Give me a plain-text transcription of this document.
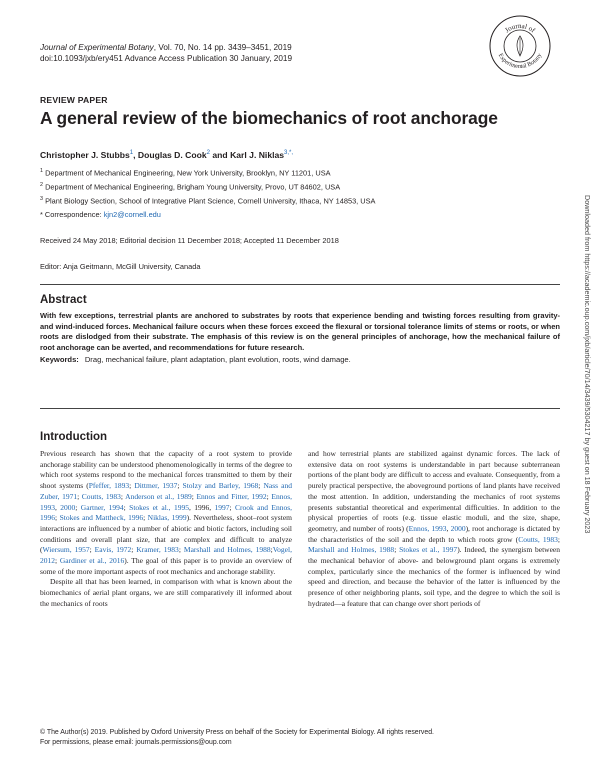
Journal of Experimental Botany, Vol. 70, No. 14 pp. 3439–3451, 2019
doi:10.1093/jxb/ery451 Advance Access Publication 30 January, 2019
Journal of
Experimental Botany
REVIEW PAPER
A general review of the biomechanics of root anchorage
Christopher J. Stubbs$^1$, Douglas D. Cook$^2$ and Karl J. Niklas$^{3,*,}$
$^1$ Department of Mechanical Engineering, New York University, Brooklyn, NY 11201, USA
$^2$ Department of Mechanical Engineering, Brigham Young University, Provo, UT 84602, USA
$^3$ Plant Biology Section, School of Integrative Plant Science, Cornell University, Ithaca, NY 14853, USA
* Correspondence: kjn2@cornell.edu
Received 24 May 2018; Editorial decision 11 December 2018; Accepted 11 December 2018
Editor: Anja Geitmann, McGill University, Canada	Downloaded from https://academic.oup.com/jxb/article/70/14/3439/5304217 by guest on 18 February 2023
Abstract
With few exceptions, terrestrial plants are anchored to substrates by roots that experience bending and twisting forces resulting from gravity- and wind-induced forces. Mechanical failure occurs when these forces exceed the flexural or torsional tolerance limits of stems or roots, or when roots are dislodged from their substrate. The emphasis of this review is on the general principles of anchorage, how the mechanical failure of root anchorage can be averted, and recommendations for future research.
Keywords: Drag, mechanical failure, plant adaptation, plant evolution, roots, wind damage.
Introduction

Previous research has shown that the capacity of a root system to provide anchorage stability can be understood phenomenologically in terms of the degree to which root systems respond to the mechanical forces transmitted to them by their shoot systems (Pfeffer, 1893; Dittmer, 1937; Stolzy and Barley, 1968; Nass and Zuber, 1971; Coutts, 1983; Anderson et al., 1989; Ennos and Fitter, 1992; Ennos, 1993, 2000; Gartner, 1994; Stokes et al., 1995, 1996, 1997; Crook and Ennos, 1996; Stokes and Mattheck, 1996; Niklas, 1999). Nevertheless, shoot–root system interactions are influenced by a number of abiotic and biotic factors, including soil conditions and overall plant size, that are complex and difficult to analyze (Wiersum, 1957; Eavis, 1972; Kramer, 1983; Marshall and Holmes, 1988;Vogel, 2012; Gardiner et al., 2016). The goal of this paper is to provide an overview of some of the more important aspects of root mechanics and anchorage stability.

Despite all that has been learned, in comparison with what is known about the biomechanics of aerial plant organs, we are still comparatively ill informed about the mechanics of roots

and how terrestrial plants are stabilized against dynamic forces. The lack of extensive data on root systems is understandable in part because subterranean portions of the plant body are difficult to access and evaluate. Consequently, from a purely practical perspective, the aboveground portions of land plants have received the most attention. In addition, understanding the mechanics of root systems presents substantial theoretical and experimental difficulties. In addition to the physical properties of roots (e.g. tissue elastic moduli, and the size, shape, geometry, and number of roots) (Ennos, 1993, 2000), root anchorage is dictated by the characteristics of the soil and the depth to which roots grow (Coutts, 1983; Marshall and Holmes, 1988; Stokes et al., 1997). Indeed, the synergism between the mechanical behavior of above- and belowground plant organs is extremely complex, particularly since the mechanics of the former is influenced by wind speed and direction, and because the behavior of the latter is influenced by the presence of other neighboring plants, soil type, and the degree to which the soil is hydrated—a feature that can change over short periods of

© The Author(s) 2019. Published by Oxford University Press on behalf of the Society for Experimental Biology. All rights reserved.
For permissions, please email: journals.permissions@oup.com
